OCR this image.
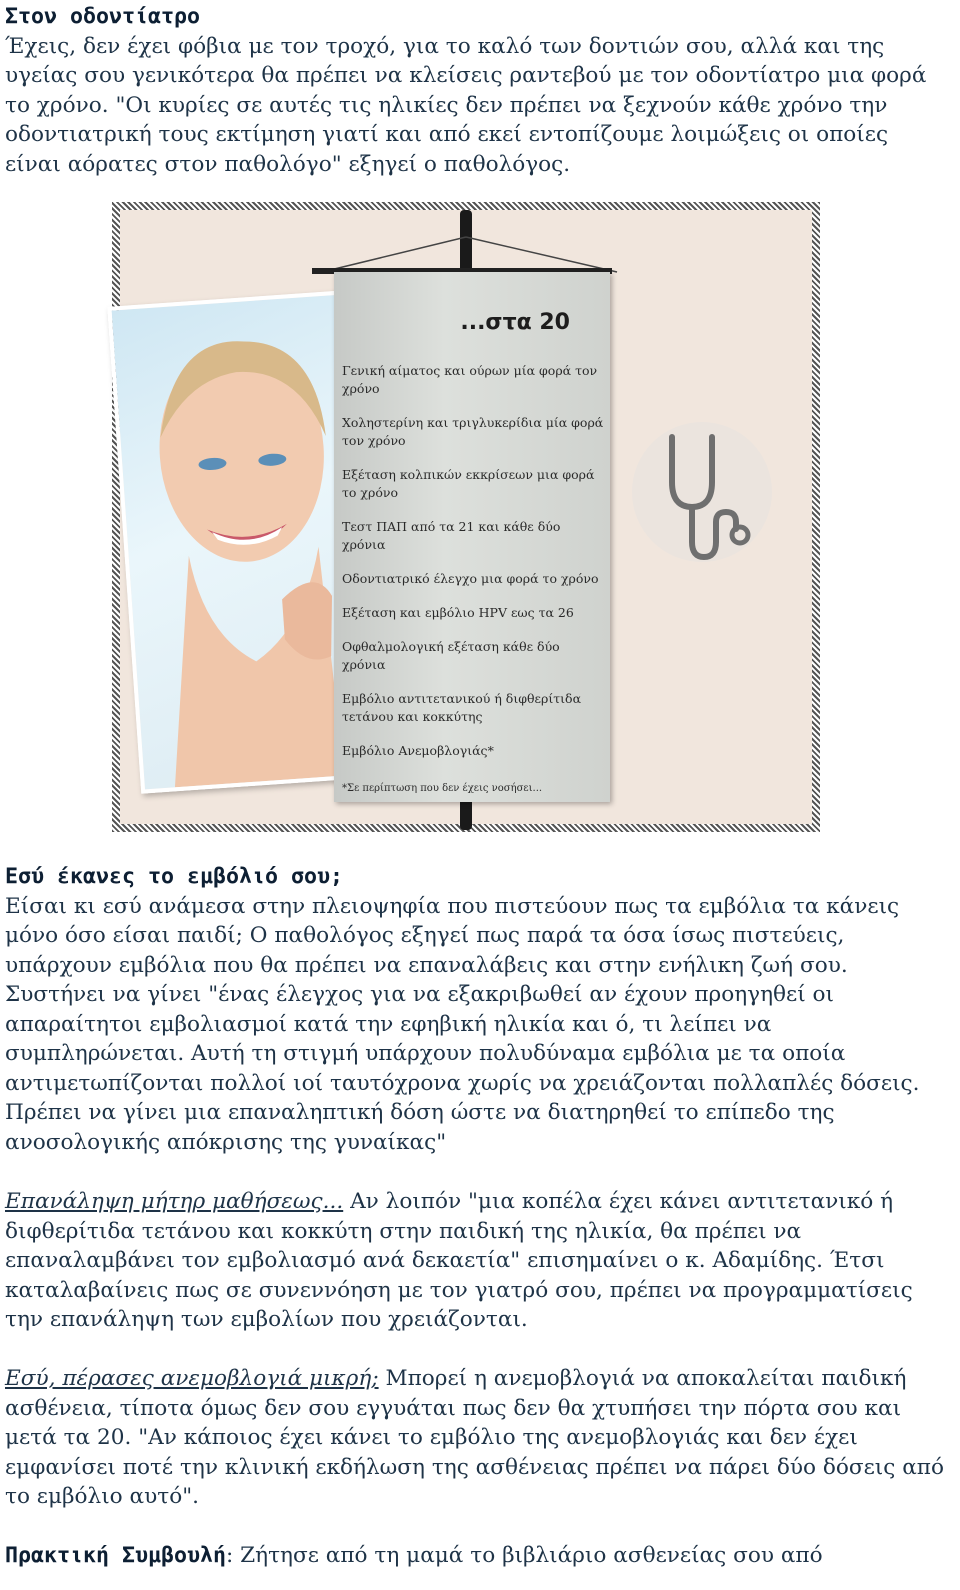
Στον οδοντίατρο

Έχεις, δεν έχει φόβια με τον τροχό, για το καλό των δοντιών σου, αλλά και της υγείας σου γενικότερα θα πρέπει να κλείσεις ραντεβού με τον οδοντίατρο μια φορά το χρόνο. "Οι κυρίες σε αυτές τις ηλικίες δεν πρέπει να ξεχνούν κάθε χρόνο την οδοντιατρική τους εκτίμηση γιατί και από εκεί εντοπίζουμε λοιμώξεις οι οποίες είναι αόρατες στον παθολόγο" εξηγεί ο παθολόγος.

...στα 20
Γενική αίματος και ούρων μία φορά τον χρόνο
Χοληστερίνη και τριγλυκερίδια μία φορά τον χρόνο
Εξέταση κολπικών εκκρίσεων μια φορά το χρόνο
Τεστ ΠΑΠ από τα 21 και κάθε δύο χρόνια
Οδοντιατρικό έλεγχο μια φορά το χρόνο
Εξέταση και εμβόλιο HPV εως τα 26
Οφθαλμολογική εξέταση κάθε δύο χρόνια
Εμβόλιο αντιτετανικού ή διφθερίτιδα τετάνου και κοκκύτης
Εμβόλιο Ανεμοβλογιάς*
*Σε περίπτωση που δεν έχεις νοσήσει...
Εσύ έκανες το εμβόλιό σου;

Είσαι κι εσύ ανάμεσα στην πλειοψηφία που πιστεύουν πως τα εμβόλια τα κάνεις μόνο όσο είσαι παιδί; Ο παθολόγος εξηγεί πως παρά τα όσα ίσως πιστεύεις, υπάρχουν εμβόλια που θα πρέπει να επαναλάβεις και στην ενήλικη ζωή σου. Συστήνει να γίνει "ένας έλεγχος για να εξακριβωθεί αν έχουν προηγηθεί οι απαραίτητοι εμβολιασμοί κατά την εφηβική ηλικία και ό, τι λείπει να συμπληρώνεται. Αυτή τη στιγμή υπάρχουν πολυδύναμα εμβόλια με τα οποία αντιμετωπίζονται πολλοί ιοί ταυτόχρονα χωρίς να χρειάζονται πολλαπλές δόσεις. Πρέπει να γίνει μια επαναληπτική δόση ώστε να διατηρηθεί το επίπεδο της ανοσολογικής απόκρισης της γυναίκας"

Επανάληψη μήτηρ μαθήσεως... Αν λοιπόν "μια κοπέλα έχει κάνει αντιτετανικό ή διφθερίτιδα τετάνου και κοκκύτη στην παιδική της ηλικία, θα πρέπει να επαναλαμβάνει τον εμβολιασμό ανά δεκαετία" επισημαίνει ο κ. Αδαμίδης. Έτσι καταλαβαίνεις πως σε συνεννόηση με τον γιατρό σου, πρέπει να προγραμματίσεις την επανάληψη των εμβολίων που χρειάζονται.

Εσύ, πέρασες ανεμοβλογιά μικρή; Μπορεί η ανεμοβλογιά να αποκαλείται παιδική ασθένεια, τίποτα όμως δεν σου εγγυάται πως δεν θα χτυπήσει την πόρτα σου και μετά τα 20. "Αν κάποιος έχει κάνει το εμβόλιο της ανεμοβλογιάς και δεν έχει εμφανίσει ποτέ την κλινική εκδήλωση της ασθένειας πρέπει να πάρει δύο δόσεις από το εμβόλιο αυτό".

Πρακτική Συμβουλή: Ζήτησε από τη μαμά το βιβλιάριο ασθενείας σου από
